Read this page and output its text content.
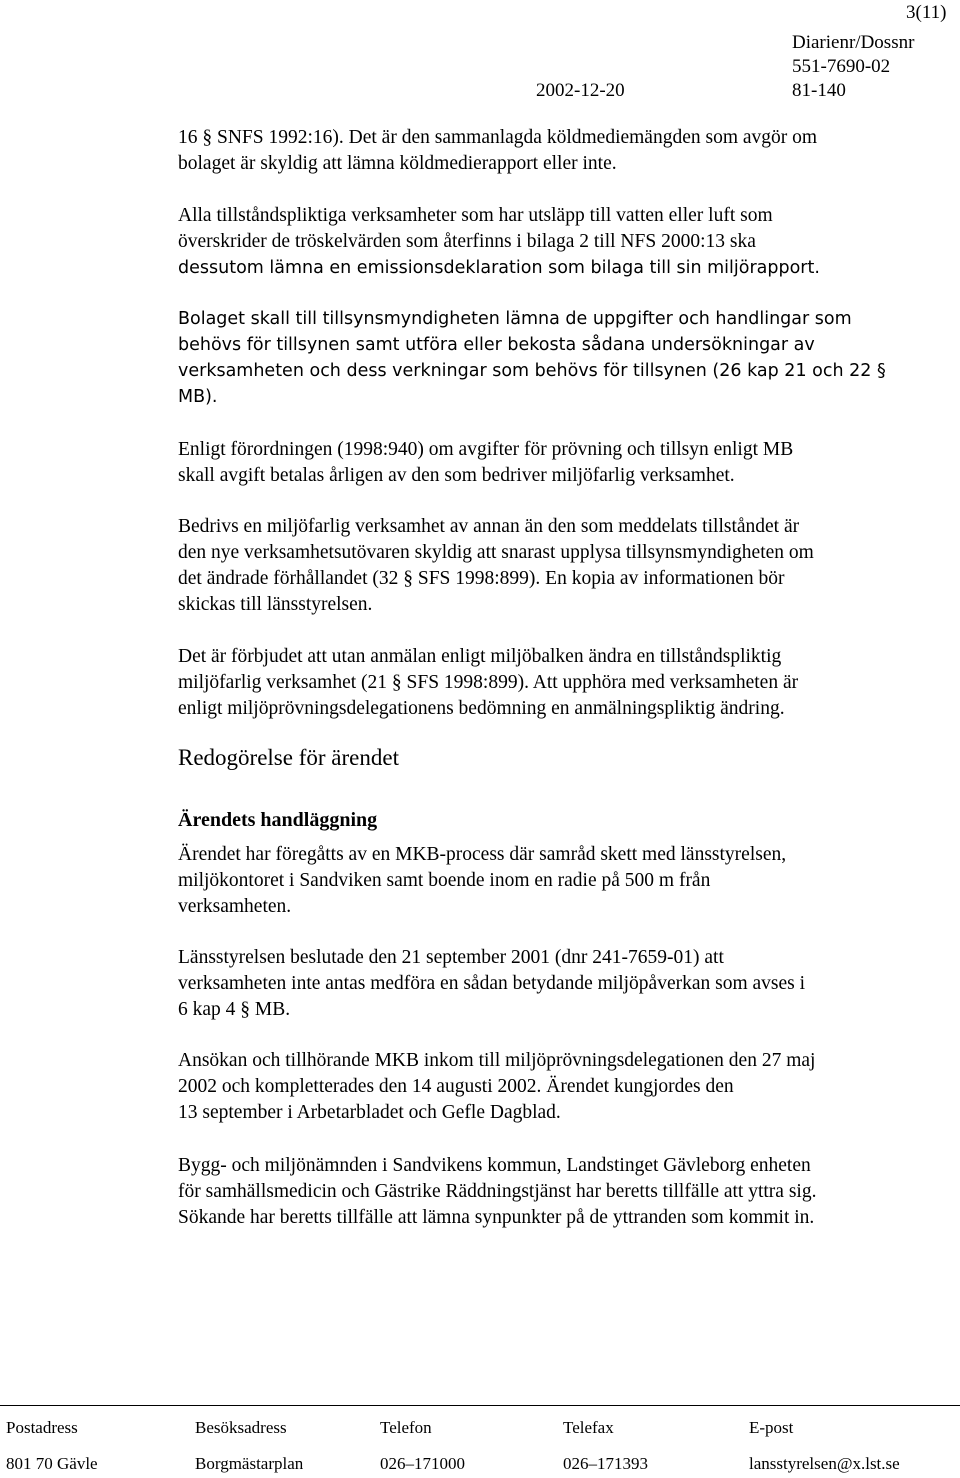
3(11)
Diarienr/Dossnr
551-7690-02
2002-12-20	81-140
16 § SNFS 1992:16). Det är den sammanlagda köldmediemängden som avgör om
bolaget är skyldig att lämna köldmedierapport eller inte.
Alla tillståndspliktiga verksamheter som har utsläpp till vatten eller luft som
överskrider de tröskelvärden som återfinns i bilaga 2 till NFS 2000:13 ska
dessutom lämna en emissionsdeklaration som bilaga till sin miljörapport.
Bolaget skall till tillsynsmyndigheten lämna de uppgifter och handlingar som
behövs för tillsynen samt utföra eller bekosta sådana undersökningar av
verksamheten och dess verkningar som behövs för tillsynen (26 kap 21 och 22 §
MB).
Enligt förordningen (1998:940) om avgifter för prövning och tillsyn enligt MB
skall avgift betalas årligen av den som bedriver miljöfarlig verksamhet.
Bedrivs en miljöfarlig verksamhet av annan än den som meddelats tillståndet är
den nye verksamhetsutövaren skyldig att snarast upplysa tillsynsmyndigheten om
det ändrade förhållandet (32 § SFS 1998:899). En kopia av informationen bör
skickas till länsstyrelsen.
Det är förbjudet att utan anmälan enligt miljöbalken ändra en tillståndspliktig
miljöfarlig verksamhet (21 § SFS 1998:899). Att upphöra med verksamheten är
enligt miljöprövningsdelegationens bedömning en anmälningspliktig ändring.
Redogörelse för ärendet
Ärendets handläggning
Ärendet har föregåtts av en MKB-process där samråd skett med länsstyrelsen,
miljökontoret i Sandviken samt boende inom en radie på 500 m från
verksamheten.
Länsstyrelsen beslutade den 21 september 2001 (dnr 241-7659-01) att
verksamheten inte antas medföra en sådan betydande miljöpåverkan som avses i
6 kap 4 § MB.
Ansökan och tillhörande MKB inkom till miljöprövningsdelegationen den 27 maj
2002 och kompletterades den 14 augusti 2002. Ärendet kungjordes den
13 september i Arbetarbladet och Gefle Dagblad.
Bygg- och miljönämnden i Sandvikens kommun, Landstinget Gävleborg enheten
för samhällsmedicin och Gästrike Räddningstjänst har beretts tillfälle att yttra sig.
Sökande har beretts tillfälle att lämna synpunkter på de yttranden som kommit in.
Postadress	Besöksadress	Telefon	Telefax	E-post
801 70 Gävle	Borgmästarplan	026–171000	026–171393	lansstyrelsen@x.lst.se
